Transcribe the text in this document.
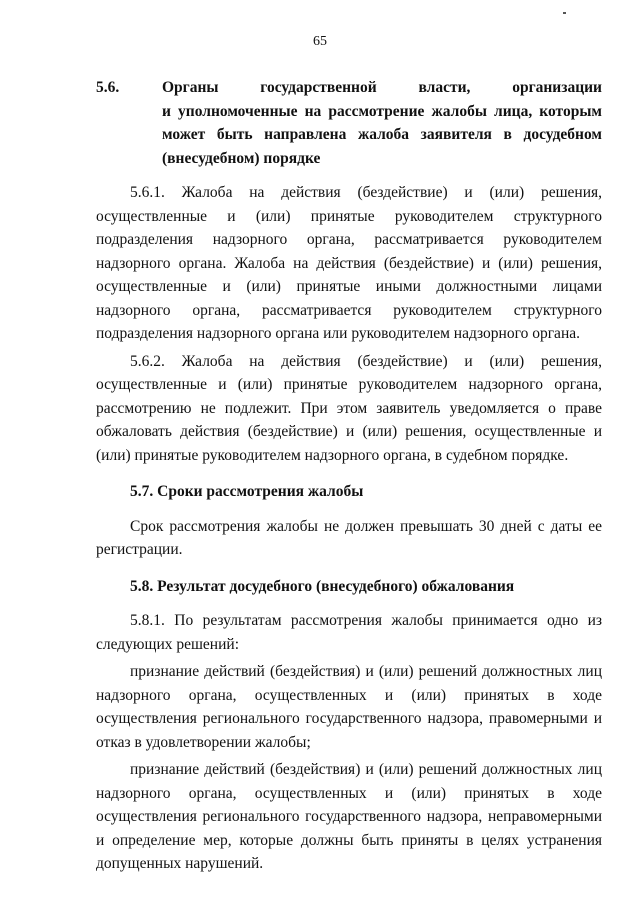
65
5.6.	Органы государственной власти, организации
и уполномоченные на рассмотрение жалобы лица, которым может быть направлена жалоба заявителя в досудебном (внесудебном) порядке

5.6.1. Жалоба на действия (бездействие) и (или) решения, осуществленные и (или) принятые руководителем структурного подразделения надзорного органа, рассматривается руководителем надзорного органа. Жалоба на действия (бездействие) и (или) решения, осуществленные и (или) принятые иными должностными лицами надзорного органа, рассматривается руководителем структурного подразделения надзорного органа или руководителем надзорного органа.

5.6.2. Жалоба на действия (бездействие) и (или) решения, осуществленные и (или) принятые руководителем надзорного органа, рассмотрению не подлежит. При этом заявитель уведомляется о праве обжаловать действия (бездействие) и (или) решения, осуществленные и (или) принятые руководителем надзорного органа, в судебном порядке.

5.7. Сроки рассмотрения жалобы

Срок рассмотрения жалобы не должен превышать 30 дней с даты ее регистрации.

5.8. Результат досудебного (внесудебного) обжалования

5.8.1. По результатам рассмотрения жалобы принимается одно из следующих решений:

признание действий (бездействия) и (или) решений должностных лиц надзорного органа, осуществленных и (или) принятых в ходе осуществления регионального государственного надзора, правомерными и отказ в удовлетворении жалобы;

признание действий (бездействия) и (или) решений должностных лиц надзорного органа, осуществленных и (или) принятых в ходе осуществления регионального государственного надзора, неправомерными и определение мер, которые должны быть приняты в целях устранения допущенных нарушений.
